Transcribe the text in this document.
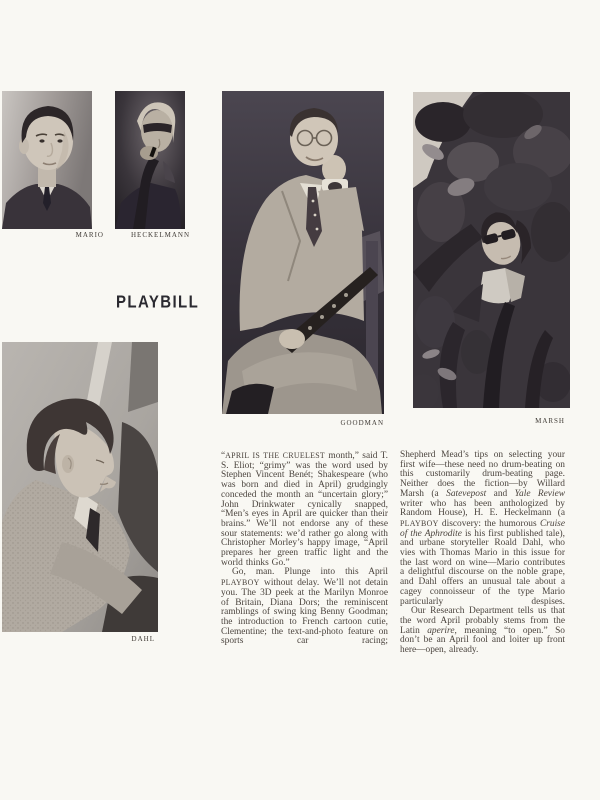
MARIO	HECKELMANN
PLAYBILL
GOODMAN	MARSH
DAHL

“APRIL IS THE CRUELEST month,” said T. S. Eliot; “grimy” was the word used by Stephen Vincent Benét; Shakespeare (who was born and died in April) grudgingly conceded the month an “uncertain glory;” John Drinkwater cynically snapped, “Men’s eyes in April are quicker than their brains.” We’ll not endorse any of these sour statements: we’d rather go along with Christopher Morley’s happy image, “April prepares her green traffic light and the world thinks Go.”

Go, man. Plunge into this April PLAYBOY without delay. We’ll not detain you. The 3D peek at the Marilyn Monroe of Britain, Diana Dors; the reminiscent ramblings of swing king Benny Goodman; the introduction to French cartoon cutie, Clementine; the text-and-photo feature on sports car racing;

Shepherd Mead’s tips on selecting your first wife—these need no drum-beating on this customarily drum-beating page. Neither does the fiction—by Willard Marsh (a Satevepost and Yale Review writer who has been anthologized by Random House), H. E. Heckelmann (a PLAYBOY discovery: the humorous Cruise of the Aphrodite is his first published tale), and urbane storyteller Roald Dahl, who vies with Thomas Mario in this issue for the last word on wine—Mario contributes a delightful discourse on the noble grape, and Dahl offers an unusual tale about a cagey connoisseur of the type Mario particularly despises.

Our Research Department tells us that the word April probably stems from the Latin aperire, meaning “to open.” So don’t be an April fool and loiter up front here—open, already.
